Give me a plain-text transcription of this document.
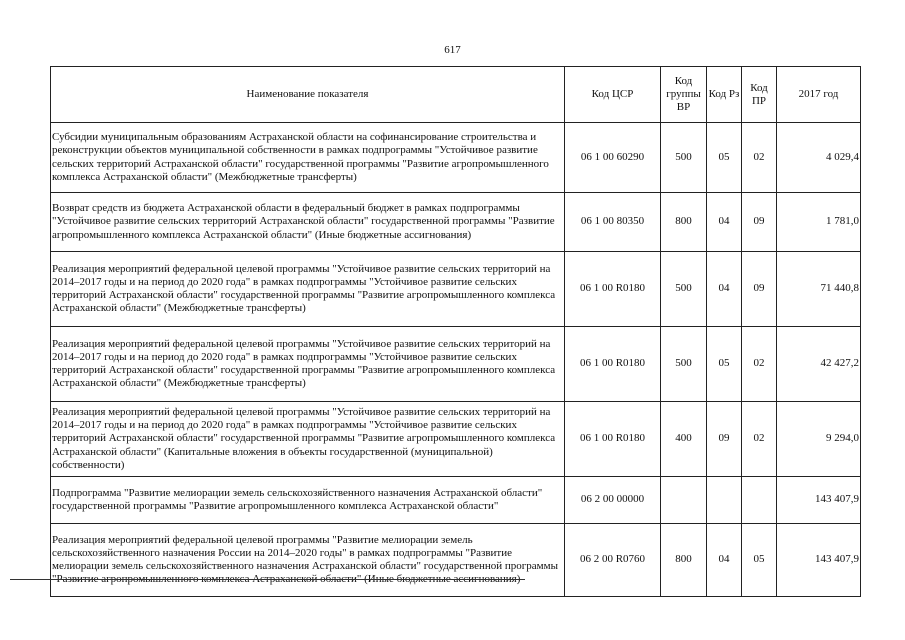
617
Наименование показателя	Код ЦСР	Код группы ВР	Код Рз	Код ПР	2017 год
Субсидии муниципальным образованиям Астраханской области на софинансирование строительства и реконструкции объектов муниципальной собственности в рамках подпрограммы "Устойчивое развитие сельских территорий Астраханской области" государственной программы "Развитие агропромышленного комплекса Астраханской области" (Межбюджетные трансферты)	06 1 00 60290	500	05	02	4 029,4
Возврат средств из бюджета Астраханской области в федеральный бюджет в рамках подпрограммы "Устойчивое развитие сельских территорий Астраханской области" государственной программы "Развитие агропромышленного комплекса Астраханской области" (Иные бюджетные ассигнования)	06 1 00 80350	800	04	09	1 781,0
Реализация мероприятий федеральной целевой программы "Устойчивое развитие сельских территорий на 2014–2017 годы и на период до 2020 года" в рамках подпрограммы "Устойчивое развитие сельских территорий Астраханской области" государственной программы "Развитие агропромышленного комплекса Астраханской области" (Межбюджетные трансферты)	06 1 00 R0180	500	04	09	71 440,8
Реализация мероприятий федеральной целевой программы "Устойчивое развитие сельских территорий на 2014–2017 годы и на период до 2020 года" в рамках подпрограммы "Устойчивое развитие сельских территорий Астраханской области" государственной программы "Развитие агропромышленного комплекса Астраханской области" (Межбюджетные трансферты)	06 1 00 R0180	500	05	02	42 427,2
Реализация мероприятий федеральной целевой программы "Устойчивое развитие сельских территорий на 2014–2017 годы и на период до 2020 года" в рамках подпрограммы "Устойчивое развитие сельских территорий Астраханской области" государственной программы "Развитие агропромышленного комплекса Астраханской области" (Капитальные вложения в объекты государственной (муниципальной) собственности)	06 1 00 R0180	400	09	02	9 294,0
Подпрограмма "Развитие мелиорации земель сельскохозяйственного назначения Астраханской области" государственной программы "Развитие агропромышленного комплекса Астраханской области"	06 2 00 00000				143 407,9
Реализация мероприятий федеральной целевой программы "Развитие мелиорации земель сельскохозяйственного назначения России на 2014–2020 годы" в рамках подпрограммы "Развитие мелиорации земель сельскохозяйственного назначения Астраханской области" государственной программы "Развитие агропромышленного комплекса Астраханской области" (Иные бюджетные ассигнования)	06 2 00 R0760	800	04	05	143 407,9
